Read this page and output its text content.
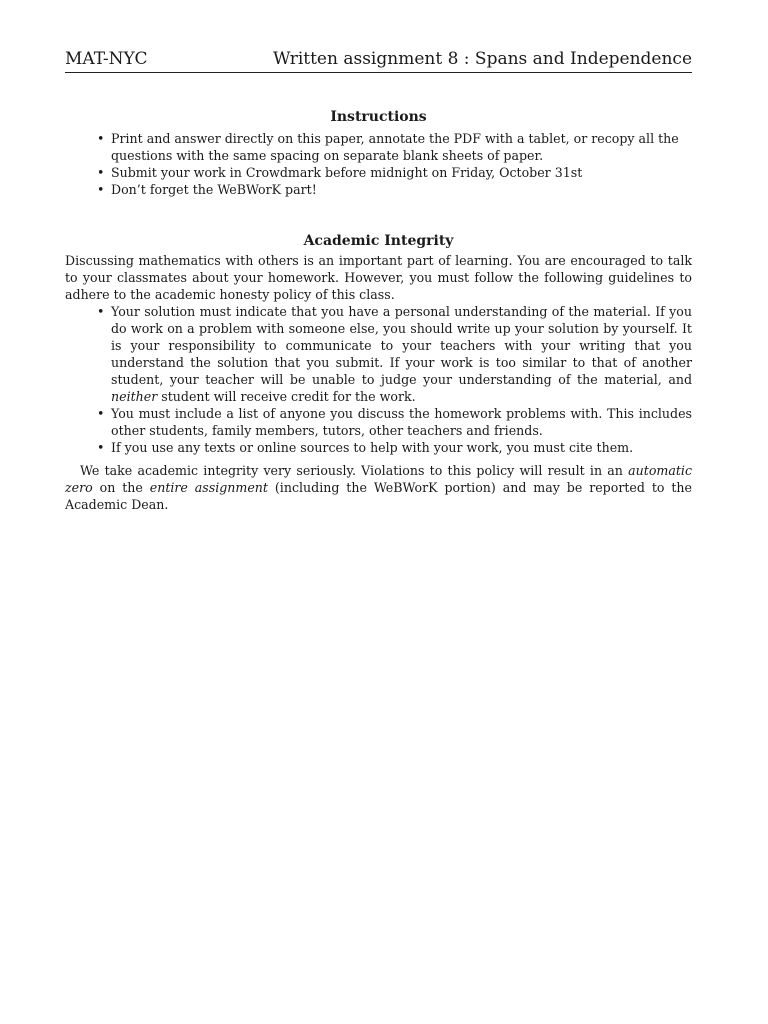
MAT-NYC	Written assignment 8 : Spans and Independence
Instructions
• Print and answer directly on this paper, annotate the PDF with a tablet, or recopy all the questions with the same spacing on separate blank sheets of paper.
• Submit your work in Crowdmark before midnight on Friday, October 31st
• Don’t forget the WeBWorK part!
Academic Integrity
Discussing mathematics with others is an important part of learning. You are encouraged to talk to your classmates about your homework. However, you must follow the following guidelines to adhere to the academic honesty policy of this class.
• Your solution must indicate that you have a personal understanding of the material. If you do work on a problem with someone else, you should write up your solution by yourself. It is your responsibility to communicate to your teachers with your writing that you understand the solution that you submit. If your work is too similar to that of another student, your teacher will be unable to judge your understanding of the material, and neither student will receive credit for the work.
• You must include a list of anyone you discuss the homework problems with. This includes other students, family members, tutors, other teachers and friends.
• If you use any texts or online sources to help with your work, you must cite them.
We take academic integrity very seriously. Violations to this policy will result in an automatic zero on the entire assignment (including the WeBWorK portion) and may be reported to the Academic Dean.
